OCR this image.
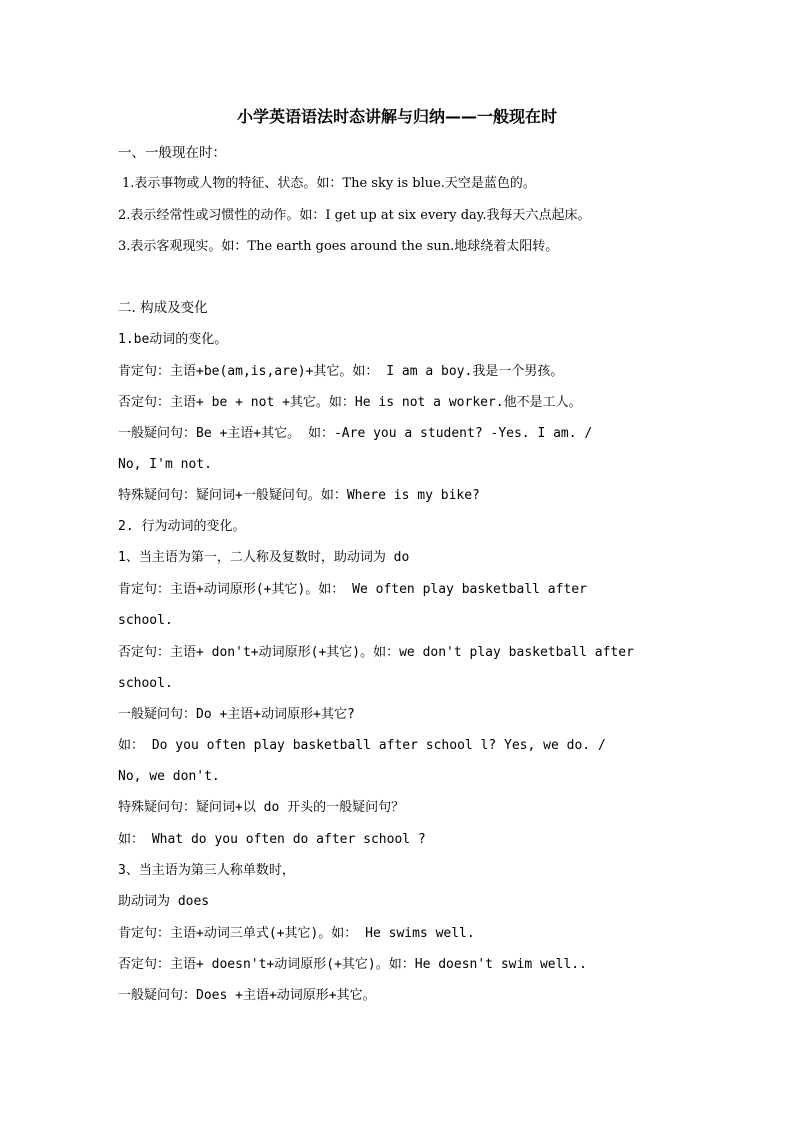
小学英语语法时态讲解与归纳——一般现在时
一、一般现在时：
1.表示事物或人物的特征、状态。如：The sky is blue.天空是蓝色的。
2.表示经常性或习惯性的动作。如：I get up at six every day.我每天六点起床。
3.表示客观现实。如：The earth goes around the sun.地球绕着太阳转。
二. 构成及变化
1.be动词的变化。
肯定句：主语+be(am,is,are)+其它。如： I am a boy.我是一个男孩。
否定句：主语+ be + not +其它。如：He is not a worker.他不是工人。
一般疑问句：Be +主语+其它。 如：-Are you a student? -Yes. I am. /
No, I'm not.
特殊疑问句：疑问词+一般疑问句。如：Where is my bike?
2. 行为动词的变化。
1、当主语为第一，二人称及复数时，助动词为 do
肯定句：主语+动词原形(+其它)。如： We often play basketball after
school.
否定句：主语+ don't+动词原形(+其它)。如：we don't play basketball after
school.
一般疑问句：Do +主语+动词原形+其它?
如： Do you often play basketball after school l? Yes, we do. /
No, we don't.
特殊疑问句：疑问词+以 do 开头的一般疑问句？
如： What do you often do after school ?
3、当主语为第三人称单数时，
助动词为 does
肯定句：主语+动词三单式(+其它)。如： He swims well.
否定句：主语+ doesn't+动词原形(+其它)。如：He doesn't swim well..
一般疑问句：Does +主语+动词原形+其它。
